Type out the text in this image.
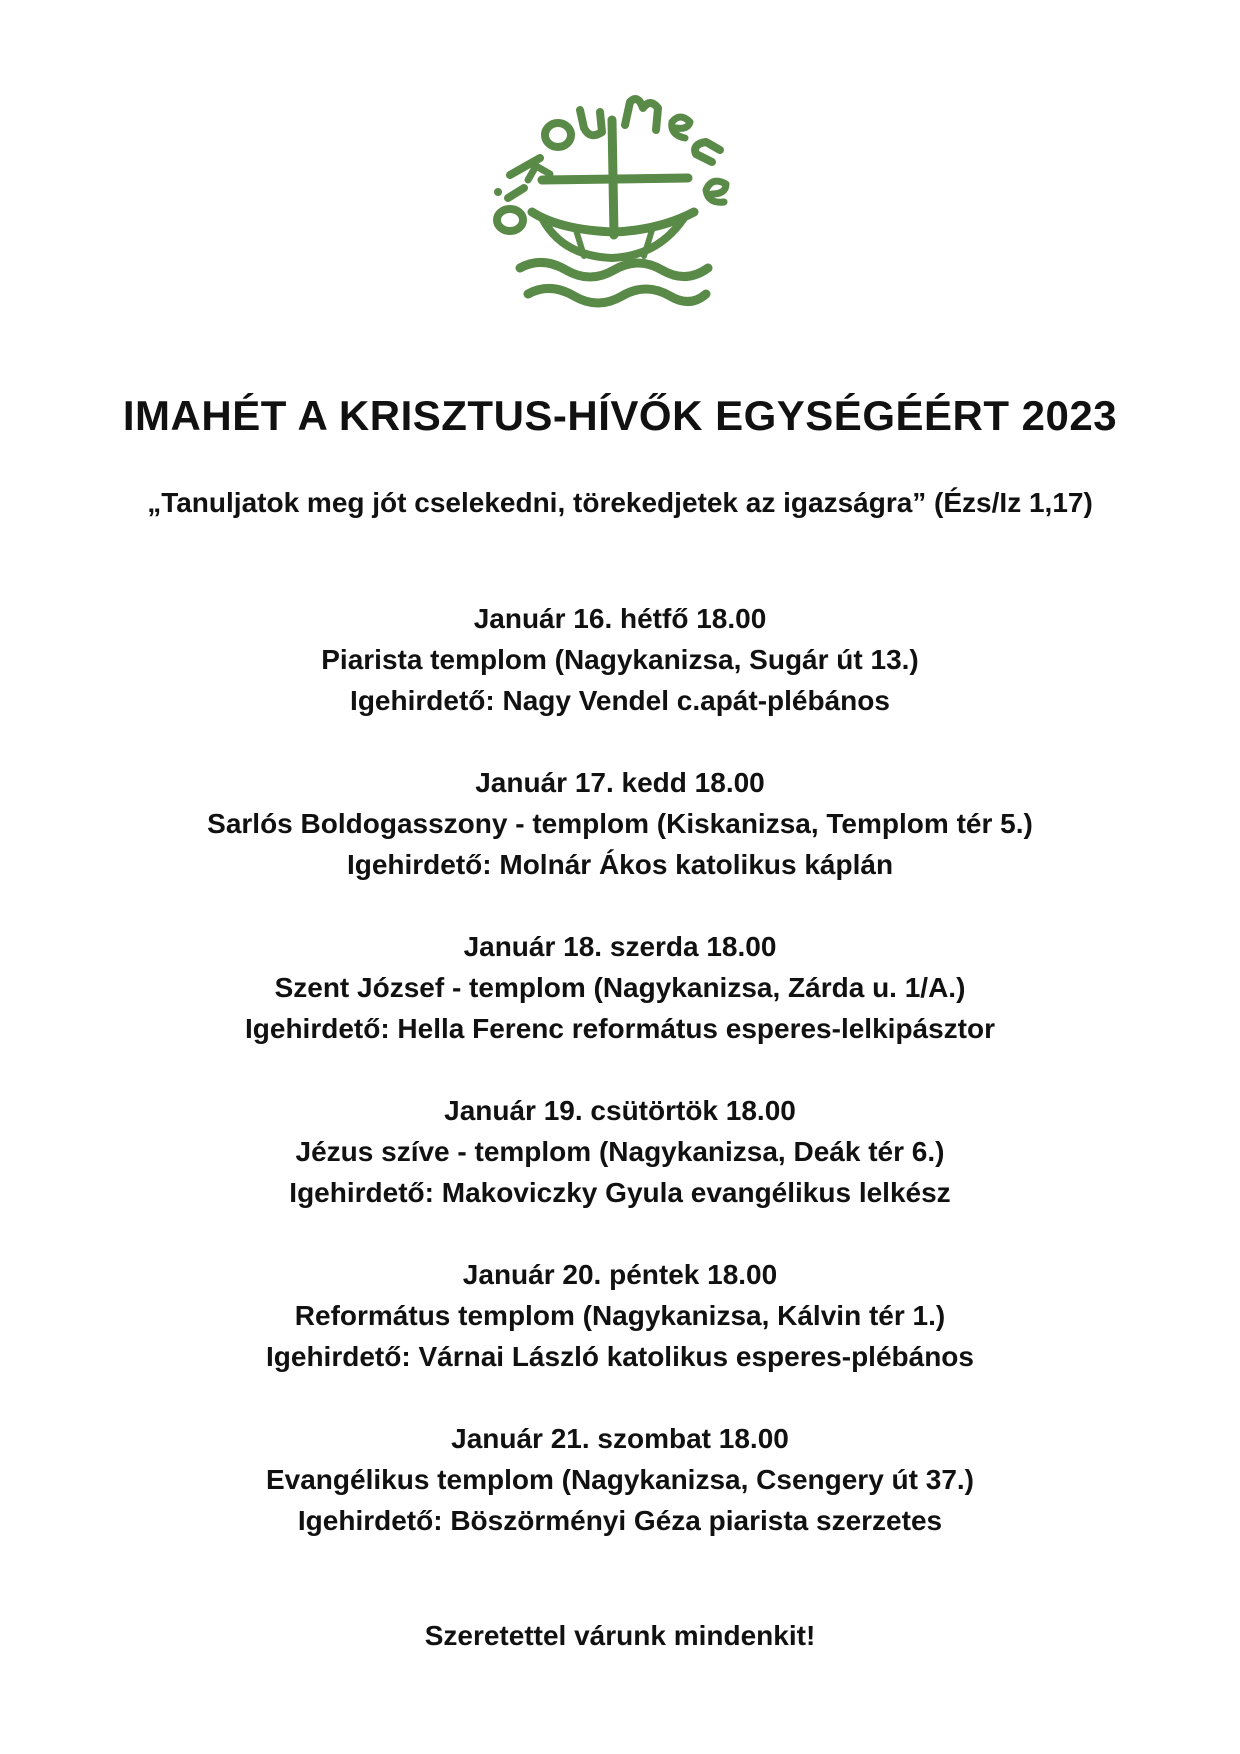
IMAHÉT A KRISZTUS-HÍVŐK EGYSÉGÉÉRT 2023

„Tanuljatok meg jót cselekedni, törekedjetek az igazságra” (Ézs/Iz 1,17)

Január 16. hétfő 18.00
Piarista templom (Nagykanizsa, Sugár út 13.)
Igehirdető: Nagy Vendel c.apát-plébános
Január 17. kedd 18.00
Sarlós Boldogasszony - templom (Kiskanizsa, Templom tér 5.)
Igehirdető: Molnár Ákos katolikus káplán
Január 18. szerda 18.00
Szent József - templom (Nagykanizsa, Zárda u. 1/A.)
Igehirdető: Hella Ferenc református esperes-lelkipásztor
Január 19. csütörtök 18.00
Jézus szíve - templom (Nagykanizsa, Deák tér 6.)
Igehirdető: Makoviczky Gyula evangélikus lelkész
Január 20. péntek 18.00
Református templom (Nagykanizsa, Kálvin tér 1.)
Igehirdető: Várnai László katolikus esperes-plébános
Január 21. szombat 18.00
Evangélikus templom (Nagykanizsa, Csengery út 37.)
Igehirdető: Böszörményi Géza piarista szerzetes
Szeretettel várunk mindenkit!
